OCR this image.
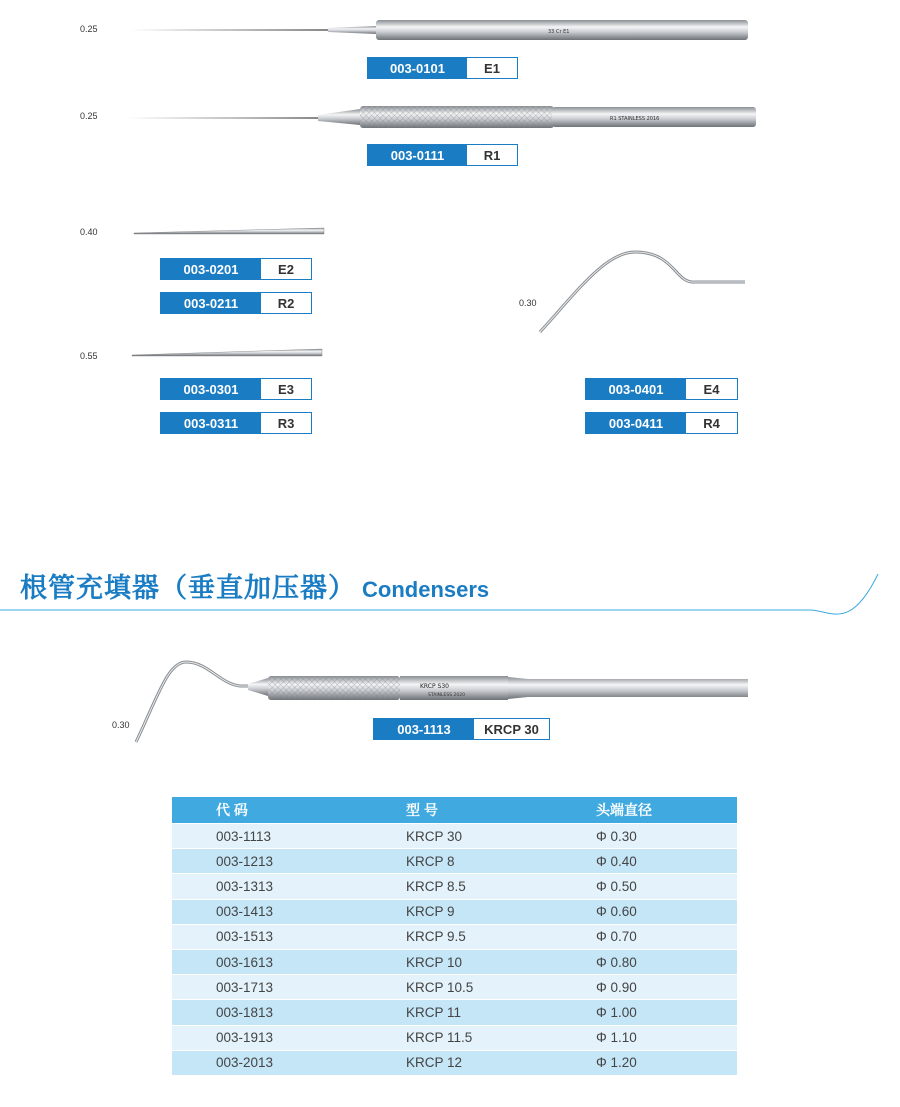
0.25	33 Cr E1
003-0101	E1
0.25	R1 STAINLESS 2016
003-0111	R1
0.40
003-0201	E2
003-0211	R2
0.55
003-0301	E3
003-0311	R3
0.30
003-0401	E4
003-0411	R4
根管充填器（垂直加压器） Condensers
0.30
KRCP S30
STAINLESS 2020
003-1113	KRCP 30
代 码	型 号	头端直径
003-1113	KRCP 30	Φ 0.30
003-1213	KRCP 8	Φ 0.40
003-1313	KRCP 8.5	Φ 0.50
003-1413	KRCP 9	Φ 0.60
003-1513	KRCP 9.5	Φ 0.70
003-1613	KRCP 10	Φ 0.80
003-1713	KRCP 10.5	Φ 0.90
003-1813	KRCP 11	Φ 1.00
003-1913	KRCP 11.5	Φ 1.10
003-2013	KRCP 12	Φ 1.20
